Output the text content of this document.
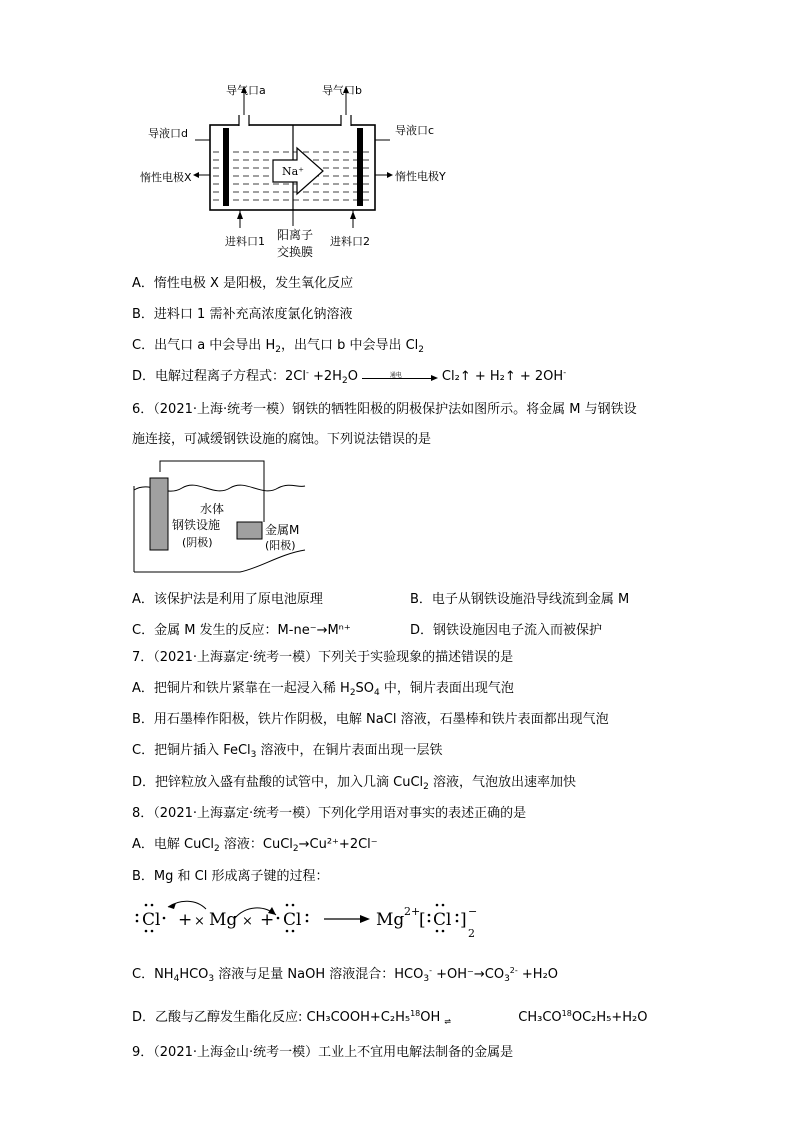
导气口a	导气口b
导液口d	导液口c
惰性电极X	惰性电极Y
Na⁺
阳离子
交换膜
进料口1	进料口2
A．惰性电极 X 是阳极，发生氧化反应
B．进料口 1 需补充高浓度氯化钠溶液
C．出气口 a 中会导出 $H_2$，出气口 b 中会导出 $Cl_2$
D．电解过程离子方程式：$2Cl^- +2H_2O$	通电	Cl₂↑ + H₂↑ + 2OH-
6．（2021·上海·统考一模）钢铁的牺牲阳极的阴极保护法如图所示。将金属 M 与钢铁设
施连接，可减缓钢铁设施的腐蚀。下列说法错误的是
水体
钢铁设施
(阴极)
金属M
(阳极)
A．该保护法是利用了原电池原理	B．电子从钢铁设施沿导线流到金属 M
C．金属 M 发生的反应：M-ne⁻→Mⁿ⁺	D．钢铁设施因电子流入而被保护
7．（2021·上海嘉定·统考一模）下列关于实验现象的描述错误的是
A．把铜片和铁片紧靠在一起浸入稀 $H_2SO_4$ 中，铜片表面出现气泡
B．用石墨棒作阳极，铁片作阴极，电解 NaCl 溶液，石墨棒和铁片表面都出现气泡
C．把铜片插入 FeCl$_3$ 溶液中，在铜片表面出现一层铁
D．把锌粒放入盛有盐酸的试管中，加入几滴 CuCl$_2$ 溶液，气泡放出速率加快
8．（2021·上海嘉定·统考一模）下列化学用语对事实的表述正确的是
A．电解 CuCl$_2$ 溶液：CuCl$_2$→Cu²⁺+2Cl⁻
B．Mg 和 Cl 形成离子键的过程：
Cl + × Mg × + Cl	Mg 2+
[ Cl ] −
2
C．$NH_4HCO_3$ 溶液与足量 NaOH 溶液混合：$HCO_3^- +OH^-\to CO_3^{2-} +H_2O$
D．乙酸与乙醇发生酯化反应: CH₃COOH+C₂H₅$^{18}$OH ⇌	$CH_3CO^{18}OC_2H_5+H_2O$
9．（2021·上海金山·统考一模）工业上不宜用电解法制备的金属是
